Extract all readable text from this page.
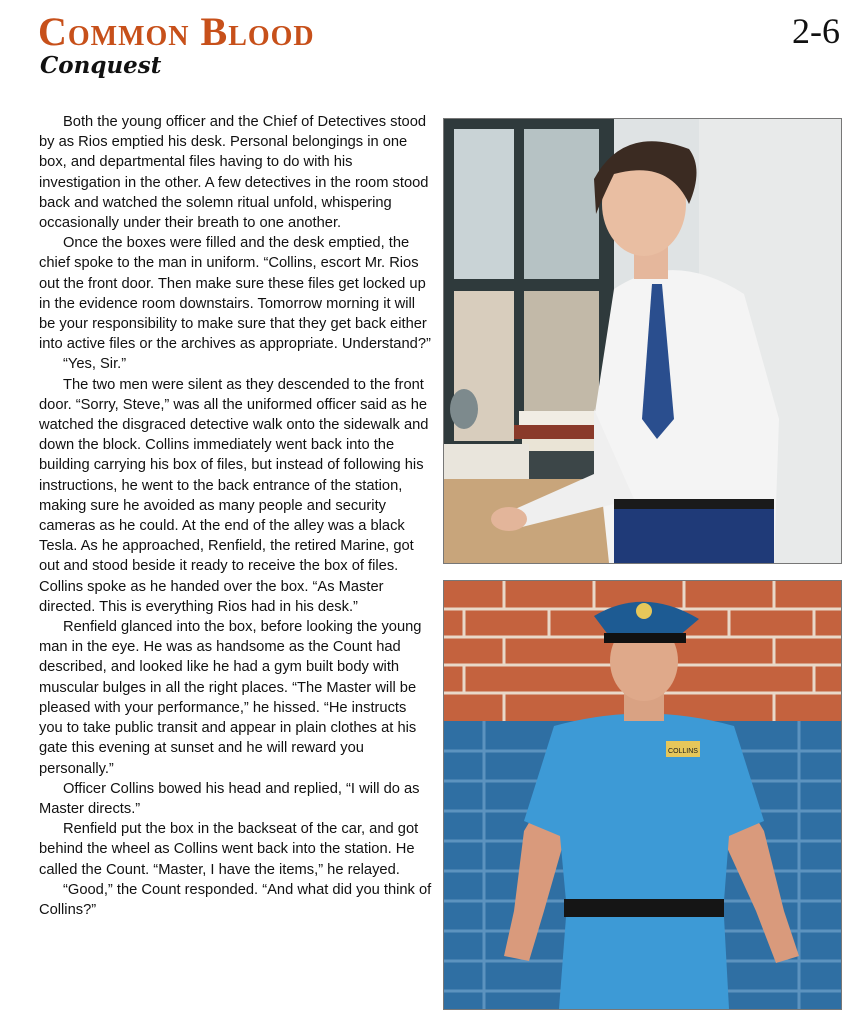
Common Blood
Conquest
2-6

Both the young officer and the Chief of Detectives stood by as Rios emptied his desk. Personal belongings in one box, and departmental files having to do with his investigation in the other. A few detectives in the room stood back and watched the solemn ritual unfold, whispering occasionally under their breath to one another.

Once the boxes were filled and the desk emptied, the chief spoke to the man in uniform. “Collins, escort Mr. Rios out the front door. Then make sure these files get locked up in the evidence room downstairs. Tomorrow morning it will be your responsibility to make sure that they get back either into active files or the archives as appropriate. Understand?”

“Yes, Sir.”

The two men were silent as they descended to the front door. “Sorry, Steve,” was all the uniformed officer said as he watched the disgraced detective walk onto the sidewalk and down the block. Collins immediately went back into the building carrying his box of files, but instead of following his instructions, he went to the back entrance of the station, making sure he avoided as many people and security cameras as he could. At the end of the alley was a black Tesla. As he approached, Renfield, the retired Marine, got out and stood beside it ready to receive the box of files. Collins spoke as he handed over the box. “As Master directed. This is everything Rios had in his desk.”

Renfield glanced into the box, before looking the young man in the eye. He was as handsome as the Count had described, and looked like he had a gym built body with muscular bulges in all the right places. “The Master will be pleased with your performance,” he hissed. “He instructs you to take public transit and appear in plain clothes at his gate this evening at sunset and he will reward you personally.”

Officer Collins bowed his head and replied, “I will do as Master directs.”

Renfield put the box in the backseat of the car, and got behind the wheel as Collins went back into the station. He called the Count. “Master, I have the items,” he relayed.

“Good,” the Count responded. “And what did you think of Collins?”

COLLINS
